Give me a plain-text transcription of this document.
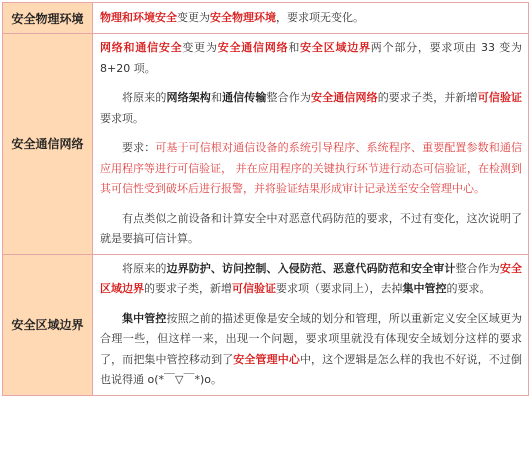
安全物理环境	物理和环境安全变更为安全物理环境，要求项无变化。

安全通信网络	网络和通信安全变更为安全通信网络和安全区域边界两个部分，要求项由 33 变为 8+20 项。

将原来的网络架构和通信传输整合作为安全通信网络的要求子类，并新增可信验证要求项。

要求：可基于可信根对通信设备的系统引导程序、系统程序、重要配置参数和通信应用程序等进行可信验证， 并在应用程序的关键执行环节进行动态可信验证，在检测到其可信性受到破坏后进行报警，并将验证结果形成审计记录送至安全管理中心。

有点类似之前设备和计算安全中对恶意代码防范的要求，不过有变化，这次说明了就是要搞可信计算。

安全区域边界	将原来的边界防护、访问控制、入侵防范、恶意代码防范和安全审计整合作为安全区域边界的要求子类，新增可信验证要求项（要求同上），去掉集中管控的要求。

集中管控按照之前的描述更像是安全域的划分和管理，所以重新定义安全区域更为合理一些，但这样一来，出现一个问题，要求项里就没有体现安全域划分这样的要求了，而把集中管控移动到了安全管理中心中，这个逻辑是怎么样的我也不好说，不过倒也说得通 o(*￣▽￣*)o。
